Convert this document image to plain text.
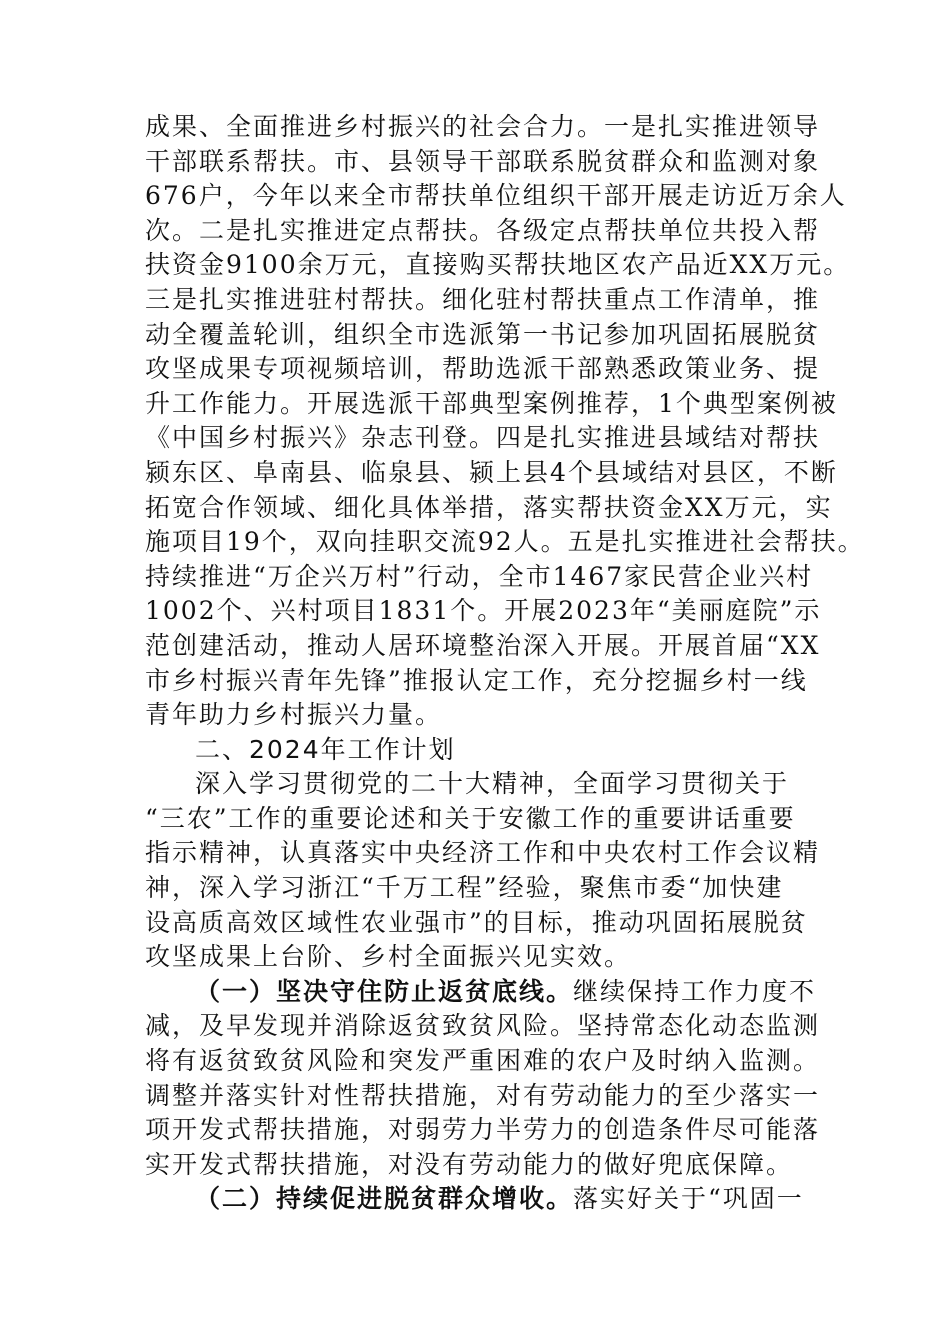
成果、全面推进乡村振兴的社会合力。一是扎实推进领导
干部联系帮扶。市、县领导干部联系脱贫群众和监测对象
676户，今年以来全市帮扶单位组织干部开展走访近万余人
次。二是扎实推进定点帮扶。各级定点帮扶单位共投入帮
扶资金9100余万元，直接购买帮扶地区农产品近XX万元。
三是扎实推进驻村帮扶。细化驻村帮扶重点工作清单，推
动全覆盖轮训，组织全市选派第一书记参加巩固拓展脱贫
攻坚成果专项视频培训，帮助选派干部熟悉政策业务、提
升工作能力。开展选派干部典型案例推荐，1个典型案例被
《中国乡村振兴》杂志刊登。四是扎实推进县域结对帮扶
颍东区、阜南县、临泉县、颍上县4个县域结对县区，不断
拓宽合作领域、细化具体举措，落实帮扶资金XX万元，实
施项目19个，双向挂职交流92人。五是扎实推进社会帮扶。
持续推进“万企兴万村”行动，全市1467家民营企业兴村
1002个、兴村项目1831个。开展2023年“美丽庭院”示
范创建活动，推动人居环境整治深入开展。开展首届“XX
市乡村振兴青年先锋”推报认定工作，充分挖掘乡村一线
青年助力乡村振兴力量。
二、2024年工作计划
深入学习贯彻党的二十大精神，全面学习贯彻关于
“三农”工作的重要论述和关于安徽工作的重要讲话重要
指示精神，认真落实中央经济工作和中央农村工作会议精
神，深入学习浙江“千万工程”经验，聚焦市委“加快建
设高质高效区域性农业强市”的目标，推动巩固拓展脱贫
攻坚成果上台阶、乡村全面振兴见实效。
（一）坚决守住防止返贫底线。继续保持工作力度不
减，及早发现并消除返贫致贫风险。坚持常态化动态监测
将有返贫致贫风险和突发严重困难的农户及时纳入监测。
调整并落实针对性帮扶措施，对有劳动能力的至少落实一
项开发式帮扶措施，对弱劳力半劳力的创造条件尽可能落
实开发式帮扶措施，对没有劳动能力的做好兜底保障。
（二）持续促进脱贫群众增收。落实好关于“巩固一
